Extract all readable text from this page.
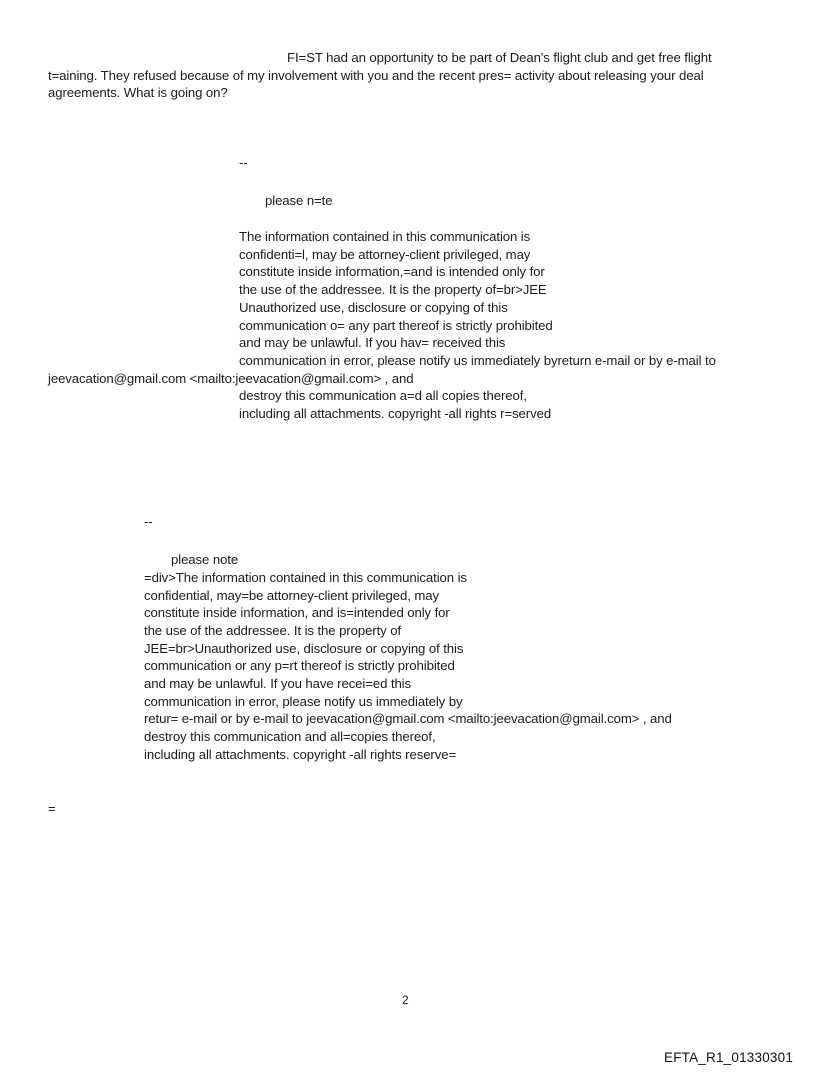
FI=ST had an opportunity to be part of Dean's flight club and get free flight
t=aining. They refused because of my involvement with you and the recent pres= activity about releasing your deal
agreements. What is going on?
--
please n=te
The information contained in this communication is
confidenti=l, may be attorney-client privileged, may
constitute inside information,=and is intended only for
the use of the addressee. It is the property of=br>JEE
Unauthorized use, disclosure or copying of this
communication o= any part thereof is strictly prohibited
and may be unlawful. If you hav= received this
communication in error, please notify us immediately byreturn e-mail or by e-mail to
jeevacation@gmail.com <mailto:jeevacation@gmail.com> , and
destroy this communication a=d all copies thereof,
including all attachments. copyright -all rights r=served
--
please note
=div>The information contained in this communication is
confidential, may=be attorney-client privileged, may
constitute inside information, and is=intended only for
the use of the addressee. It is the property of
JEE=br>Unauthorized use, disclosure or copying of this
communication or any p=rt thereof is strictly prohibited
and may be unlawful. If you have recei=ed this
communication in error, please notify us immediately by
retur= e-mail or by e-mail to jeevacation@gmail.com <mailto:jeevacation@gmail.com> , and
destroy this communication and all=copies thereof,
including all attachments. copyright -all rights reserve=
=
2
EFTA_R1_01330301
